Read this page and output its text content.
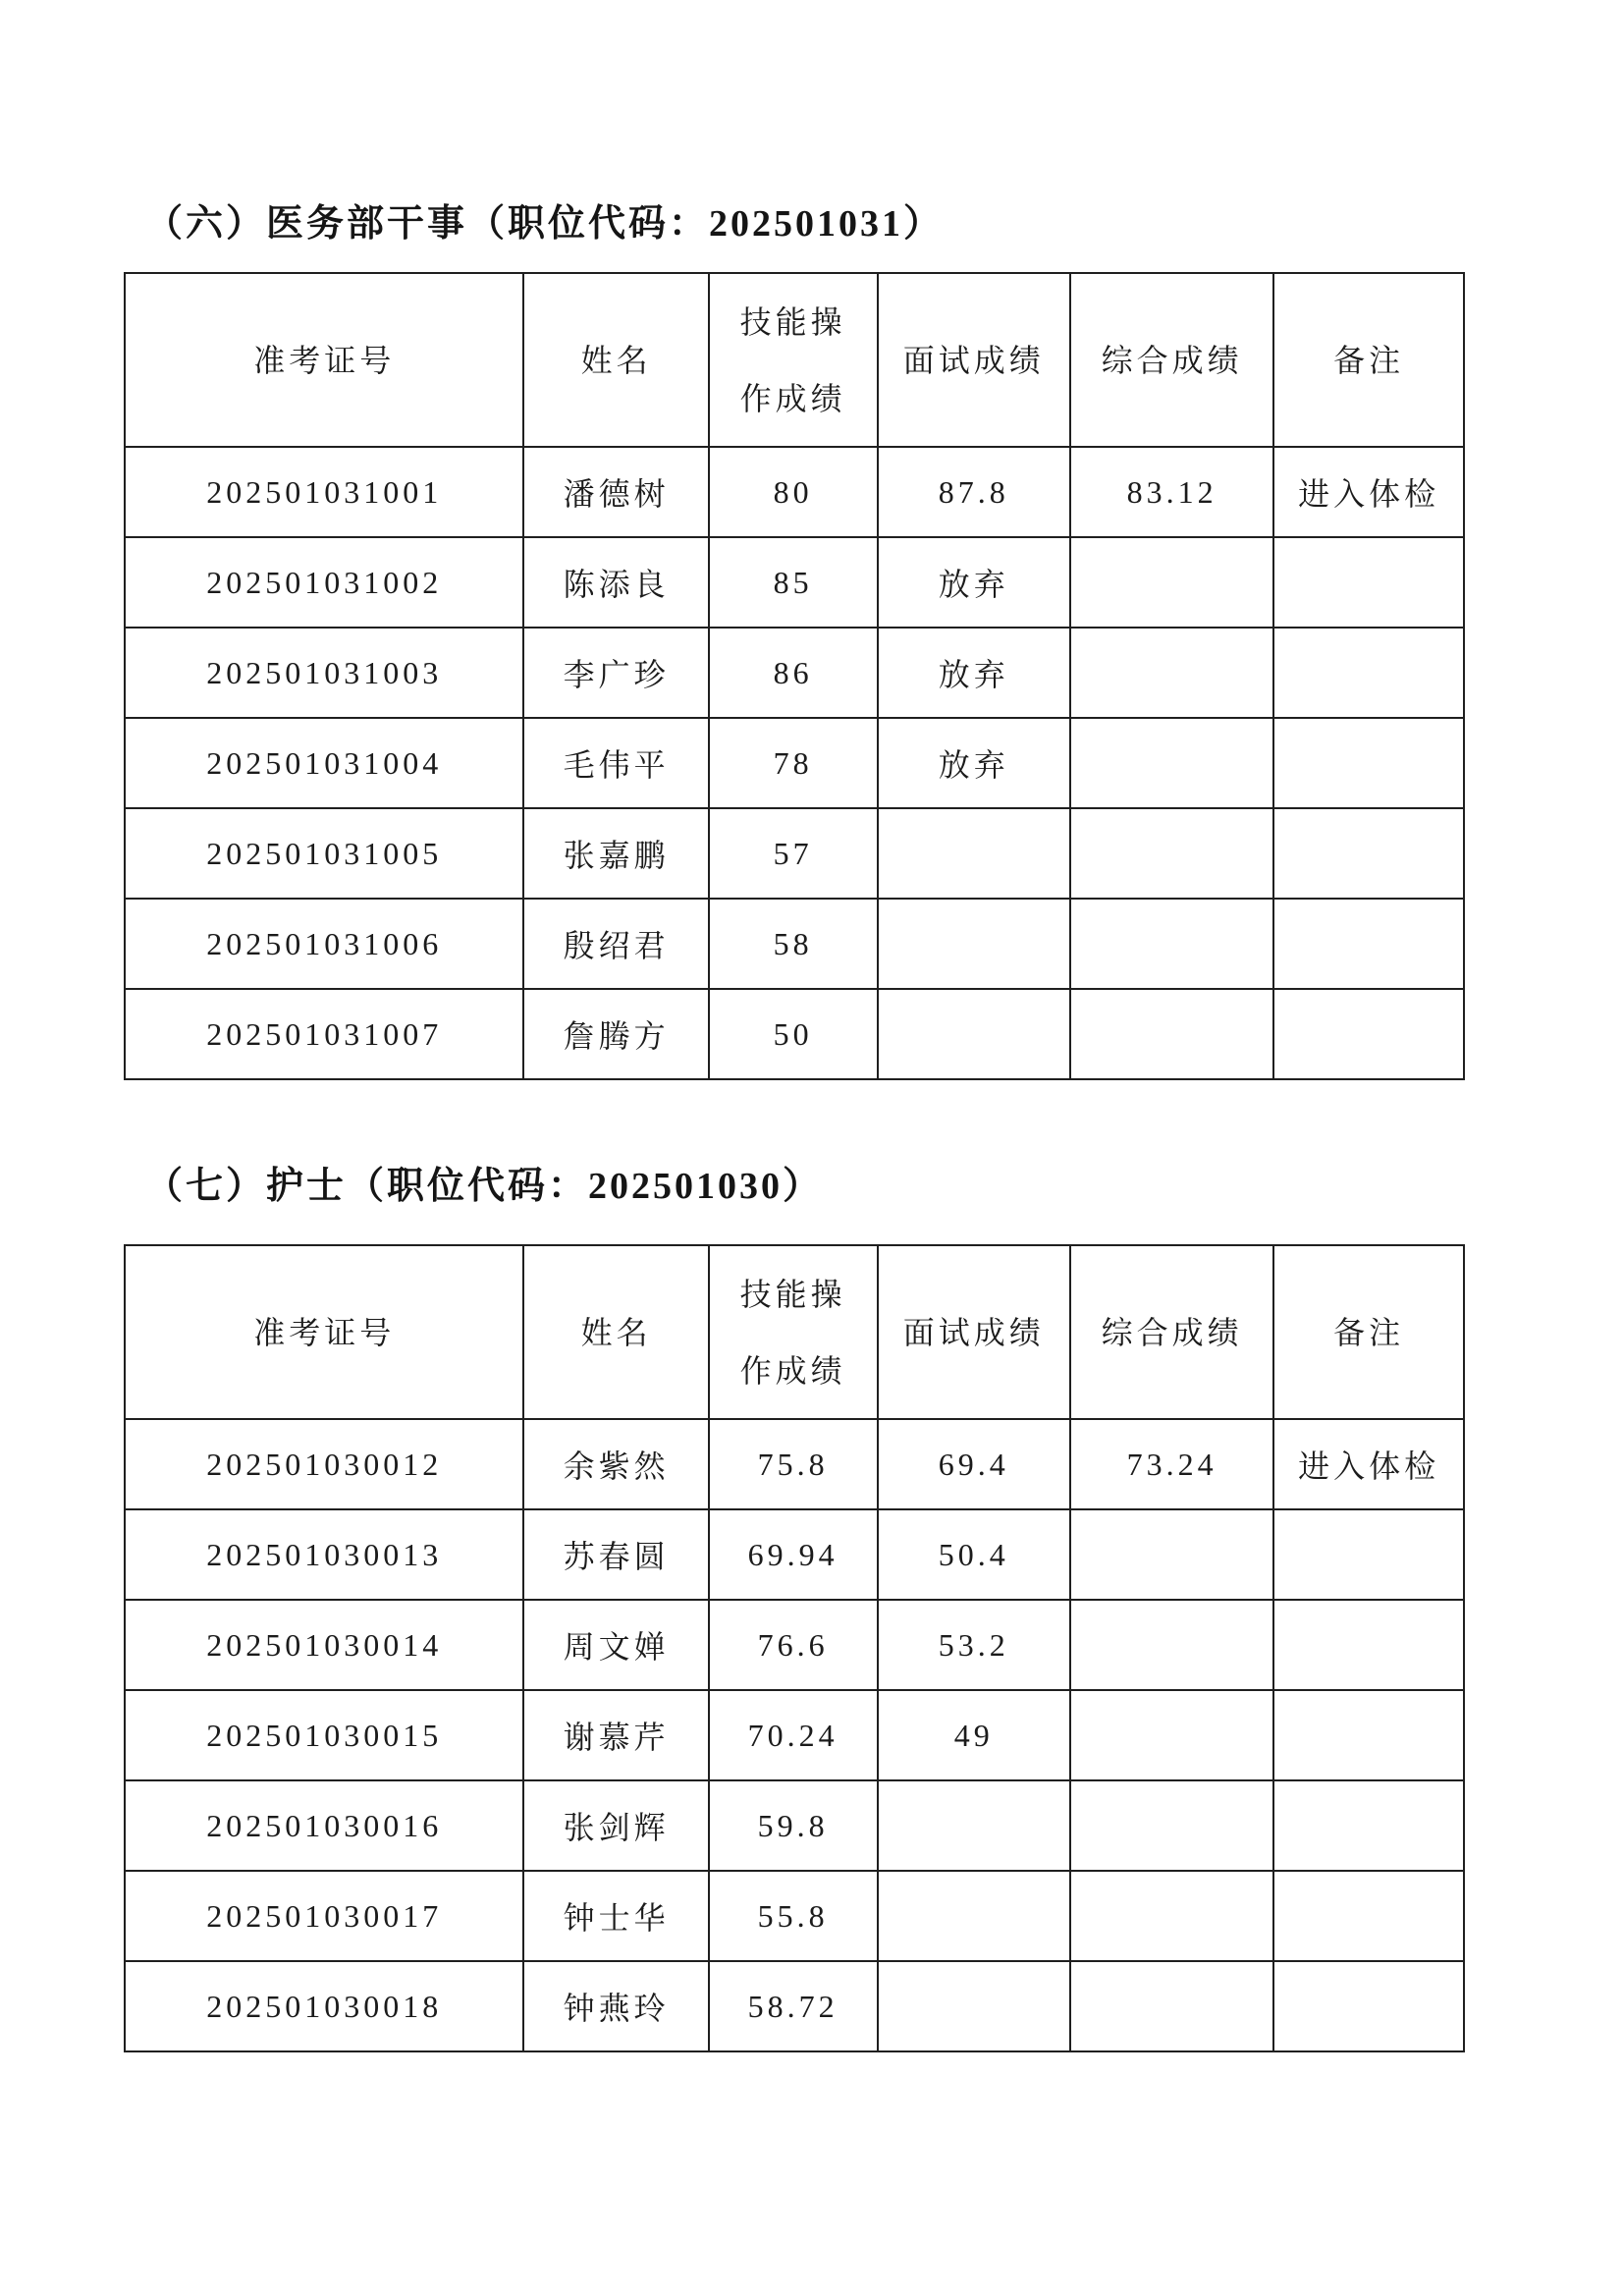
（六）医务部干事（职位代码：202501031）
准考证号	姓名	技能操作成绩	面试成绩	综合成绩	备注
202501031001	潘德树	80	87.8	83.12	进入体检
202501031002	陈添良	85	放弃		
202501031003	李广珍	86	放弃		
202501031004	毛伟平	78	放弃		
202501031005	张嘉鹏	57			
202501031006	殷绍君	58			
202501031007	詹腾方	50			
（七）护士（职位代码：202501030）
准考证号	姓名	技能操作成绩	面试成绩	综合成绩	备注
202501030012	余紫然	75.8	69.4	73.24	进入体检
202501030013	苏春圆	69.94	50.4		
202501030014	周文婵	76.6	53.2		
202501030015	谢慕芹	70.24	49		
202501030016	张剑辉	59.8			
202501030017	钟士华	55.8			
202501030018	钟燕玲	58.72			
